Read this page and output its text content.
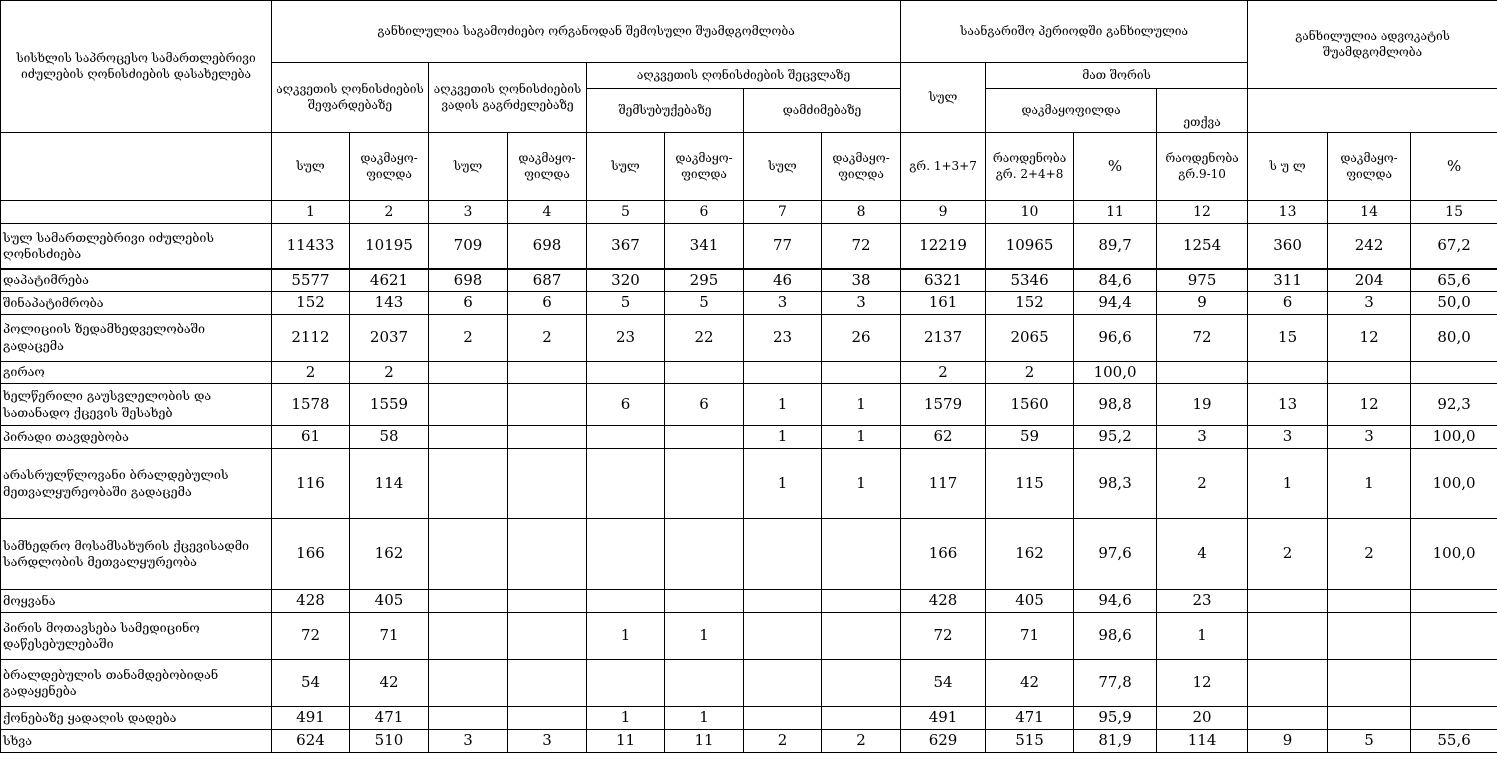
სისხლის საპროცესო სამართლებრივი იძულების ღონისძიების დასახელება	განხილულია საგამოძიებო ორგანოდან შემოსული შუამდგომლობა								საანგარიშო პერიოდში განხილულია				განხილულია ადვოკატის შუამდგომლობა		
	აღკვეთის ღონისძიების შეფარდებაზე		აღკვეთის ღონისძიების ვადის გაგრძელებაზე		აღკვეთის ღონისძიების შეცვლაზე				სულ	მათ შორის					
					შემსუბუქებაზე		დამძიმებაზე			დაკმაყოფილდა		ეთქვა			
	სულ	დაკმაყო-ფილდა	სულ	დაკმაყო-ფილდა	სულ	დაკმაყო-ფილდა	სულ	დაკმაყო-ფილდა	გრ. 1+3+7	რაოდენობა გრ. 2+4+8	%	რაოდენობა გრ.9-10	ს უ ლ	დაკმაყო-ფილდა	%
	1	2	3	4	5	6	7	8	9	10	11	12	13	14	15
სულ სამართლებრივი იძულების ღონისძიება	11433	10195	709	698	367	341	77	72	12219	10965	89,7	1254	360	242	67,2
დაპატიმრება	5577	4621	698	687	320	295	46	38	6321	5346	84,6	975	311	204	65,6
შინაპატიმრობა	152	143	6	6	5	5	3	3	161	152	94,4	9	6	3	50,0
პოლიციის ზედამხედველობაში გადაცემა	2112	2037	2	2	23	22	23	26	2137	2065	96,6	72	15	12	80,0
გირაო	2	2							2	2	100,0				
ხელწერილი გაუსვლელობის და სათანადო ქცევის შესახებ	1578	1559			6	6	1	1	1579	1560	98,8	19	13	12	92,3
პირადი თავდებობა	61	58					1	1	62	59	95,2	3	3	3	100,0
არასრულწლოვანი ბრალდებულის მეთვალყურეობაში გადაცემა	116	114					1	1	117	115	98,3	2	1	1	100,0
სამხედრო მოსამსახურის ქცევისადმი სარდლობის მეთვალყურეობა	166	162							166	162	97,6	4	2	2	100,0
მოყვანა	428	405							428	405	94,6	23			
პირის მოთავსება სამედიცინო დაწესებულებაში	72	71			1	1			72	71	98,6	1			
ბრალდებულის თანამდებობიდან გადაყენება	54	42							54	42	77,8	12			
ქონებაზე ყადაღის დადება	491	471			1	1			491	471	95,9	20			
სხვა	624	510	3	3	11	11	2	2	629	515	81,9	114	9	5	55,6
